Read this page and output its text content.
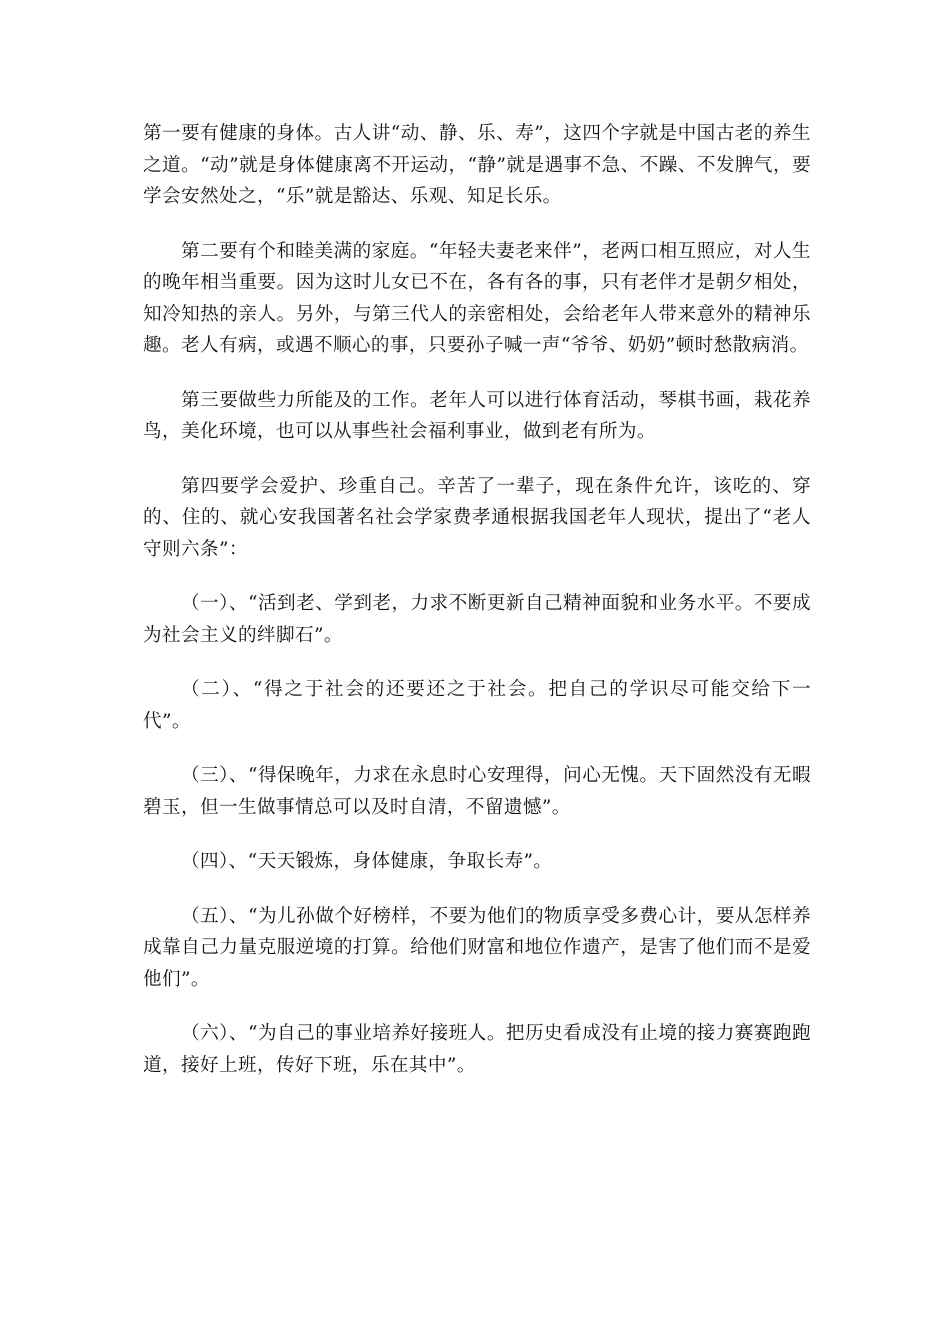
第一要有健康的身体。古人讲“动、静、乐、寿”，这四个字就是中国古老的养生之道。“动”就是身体健康离不开运动，“静”就是遇事不急、不躁、不发脾气，要学会安然处之，“乐”就是豁达、乐观、知足长乐。

第二要有个和睦美满的家庭。“年轻夫妻老来伴”，老两口相互照应，对人生的晚年相当重要。因为这时儿女已不在，各有各的事，只有老伴才是朝夕相处，知冷知热的亲人。另外，与第三代人的亲密相处，会给老年人带来意外的精神乐趣。老人有病，或遇不顺心的事，只要孙子喊一声“爷爷、奶奶”顿时愁散病消。

第三要做些力所能及的工作。老年人可以进行体育活动，琴棋书画，栽花养鸟，美化环境，也可以从事些社会福利事业，做到老有所为。

第四要学会爱护、珍重自己。辛苦了一辈子，现在条件允许，该吃的、穿的、住的、就心安我国著名社会学家费孝通根据我国老年人现状，提出了“老人守则六条”：

（一）、“活到老、学到老，力求不断更新自己精神面貌和业务水平。不要成为社会主义的绊脚石”。

（二）、“得之于社会的还要还之于社会。把自己的学识尽可能交给下一代”。

（三）、“得保晚年，力求在永息时心安理得，问心无愧。天下固然没有无暇碧玉，但一生做事情总可以及时自清，不留遗憾”。

（四）、“天天锻炼，身体健康，争取长寿”。

（五）、“为儿孙做个好榜样，不要为他们的物质享受多费心计，要从怎样养成靠自己力量克服逆境的打算。给他们财富和地位作遗产，是害了他们而不是爱他们”。

（六）、“为自己的事业培养好接班人。把历史看成没有止境的接力赛赛跑跑道，接好上班，传好下班，乐在其中”。
